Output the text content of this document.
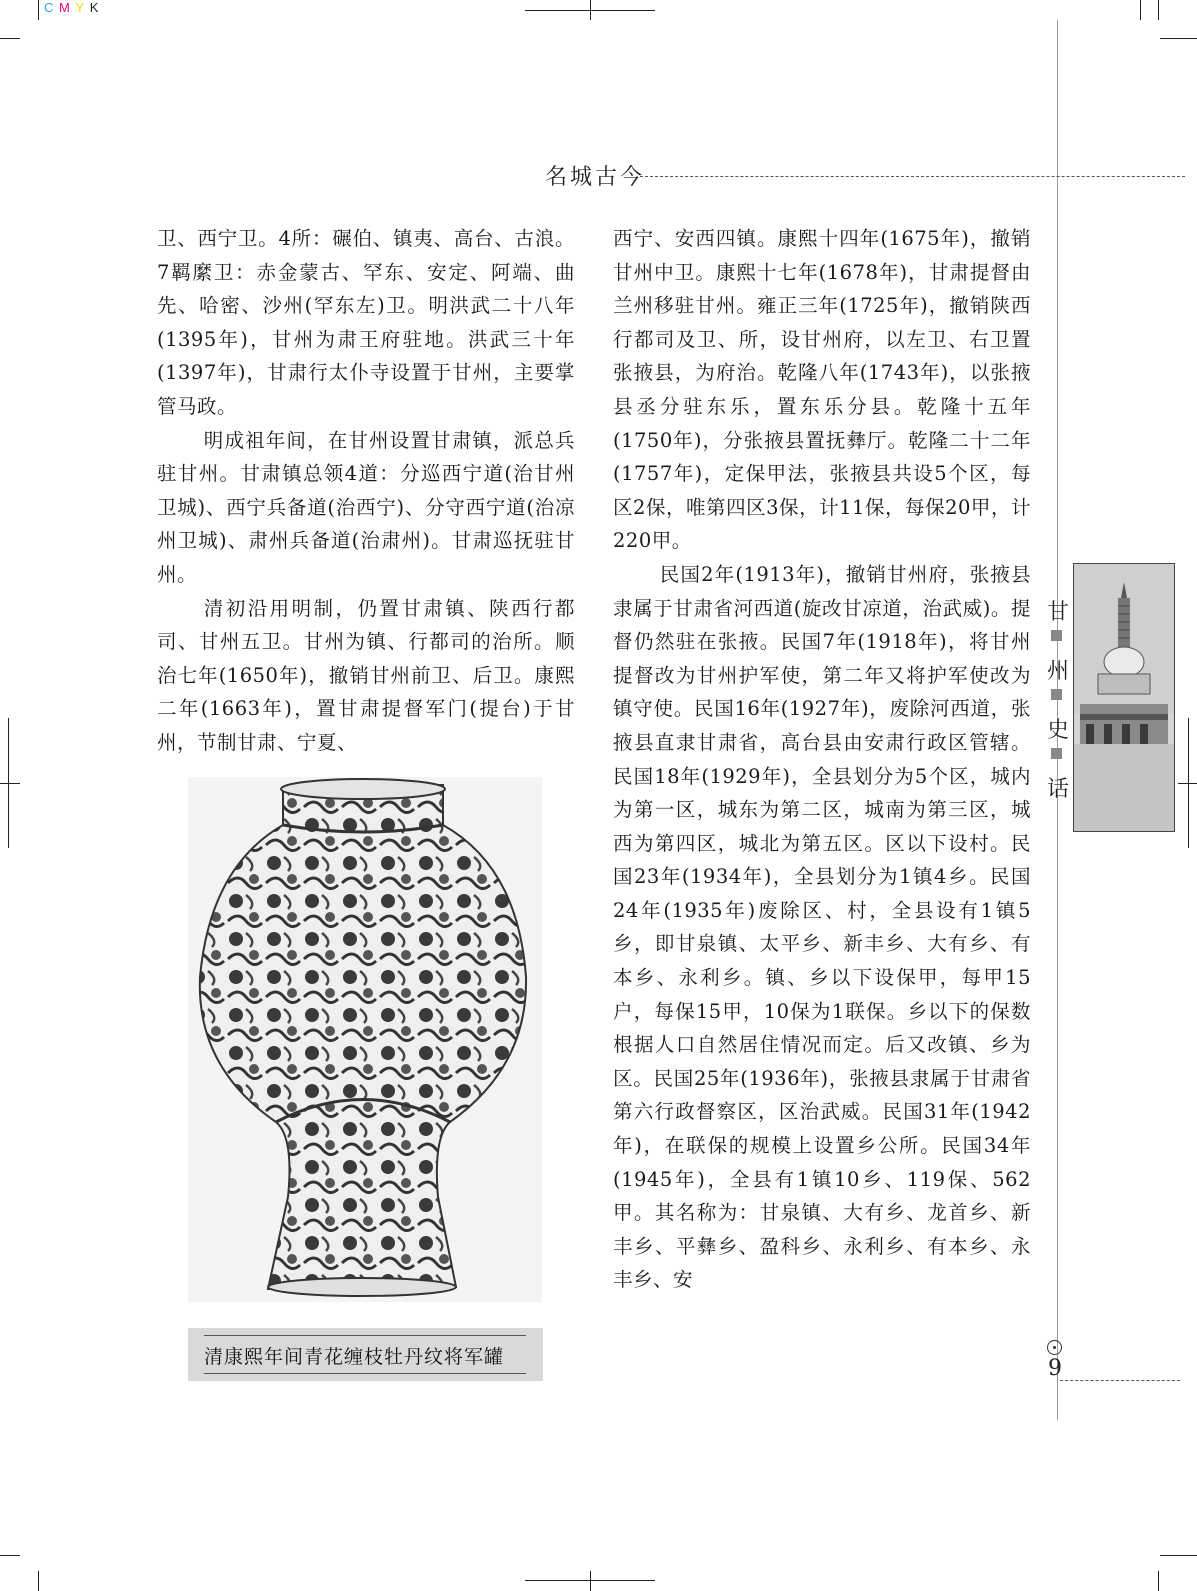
C M Y K
名城古今

卫、西宁卫。4所：碾伯、镇夷、高台、古浪。7羁縻卫：赤金蒙古、罕东、安定、阿端、曲先、哈密、沙州(罕东左)卫。明洪武二十八年(1395年)，甘州为肃王府驻地。洪武三十年(1397年)，甘肃行太仆寺设置于甘州，主要掌管马政。

明成祖年间，在甘州设置甘肃镇，派总兵驻甘州。甘肃镇总领4道：分巡西宁道(治甘州卫城)、西宁兵备道(治西宁)、分守西宁道(治凉州卫城)、肃州兵备道(治肃州)。甘肃巡抚驻甘州。

清初沿用明制，仍置甘肃镇、陕西行都司、甘州五卫。甘州为镇、行都司的治所。顺治七年(1650年)，撤销甘州前卫、后卫。康熙二年(1663年)，置甘肃提督军门(提台)于甘州，节制甘肃、宁夏、

西宁、安西四镇。康熙十四年(1675年)，撤销甘州中卫。康熙十七年(1678年)，甘肃提督由兰州移驻甘州。雍正三年(1725年)，撤销陕西行都司及卫、所，设甘州府，以左卫、右卫置张掖县，为府治。乾隆八年(1743年)，以张掖县丞分驻东乐，置东乐分县。乾隆十五年(1750年)，分张掖县置抚彝厅。乾隆二十二年(1757年)，定保甲法，张掖县共设5个区，每区2保，唯第四区3保，计11保，每保20甲，计220甲。

民国2年(1913年)，撤销甘州府，张掖县隶属于甘肃省河西道(旋改甘凉道，治武威)。提督仍然驻在张掖。民国7年(1918年)，将甘州提督改为甘州护军使，第二年又将护军使改为镇守使。民国16年(1927年)，废除河西道，张掖县直隶甘肃省，高台县由安肃行政区管辖。民国18年(1929年)，全县划分为5个区，城内为第一区，城东为第二区，城南为第三区，城西为第四区，城北为第五区。区以下设村。民国23年(1934年)，全县划分为1镇4乡。民国24年(1935年)废除区、村，全县设有1镇5乡，即甘泉镇、太平乡、新丰乡、大有乡、有本乡、永利乡。镇、乡以下设保甲，每甲15户，每保15甲，10保为1联保。乡以下的保数根据人口自然居住情况而定。后又改镇、乡为区。民国25年(1936年)，张掖县隶属于甘肃省第六行政督察区，区治武威。民国31年(1942年)，在联保的规模上设置乡公所。民国34年(1945年)，全县有1镇10乡、119保、562甲。其名称为：甘泉镇、大有乡、龙首乡、新丰乡、平彝乡、盈科乡、永利乡、有本乡、永丰乡、安

清康熙年间青花缠枝牡丹纹将军罐
甘
州
史
话
9
